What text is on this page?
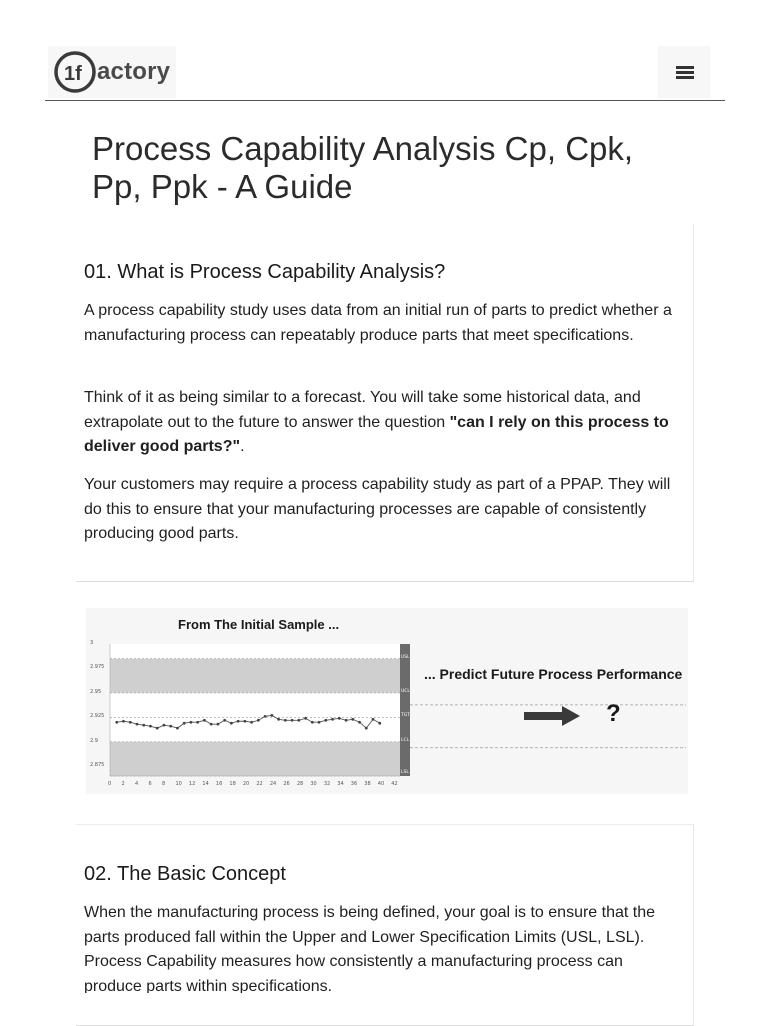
1f actory
Process Capability Analysis Cp, Cpk,
Pp, Ppk - A Guide
01. What is Process Capability Analysis?

A process capability study uses data from an initial run of parts to predict whether a manufacturing process can repeatably produce parts that meet specifications.

Think of it as being similar to a forecast. You will take some historical data, and extrapolate out to the future to answer the question "can I rely on this process to deliver good parts?".

Your customers may require a process capability study as part of a PPAP. They will do this to ensure that your manufacturing processes are capable of consistently producing good parts.

From The Initial Sample ...
... Predict Future Process Performance
?
2.875
2.9
2.925
2.95
2.975
3
0 2 4 6 8 10 12 14 16 18 20 22 24 26 28 30 32 34 36 38 40 42
USL
UCL
TGT
LCL
LSL
02. The Basic Concept

When the manufacturing process is being defined, your goal is to ensure that the parts produced fall within the Upper and Lower Specification Limits (USL, LSL). Process Capability measures how consistently a manufacturing process can produce parts within specifications.
